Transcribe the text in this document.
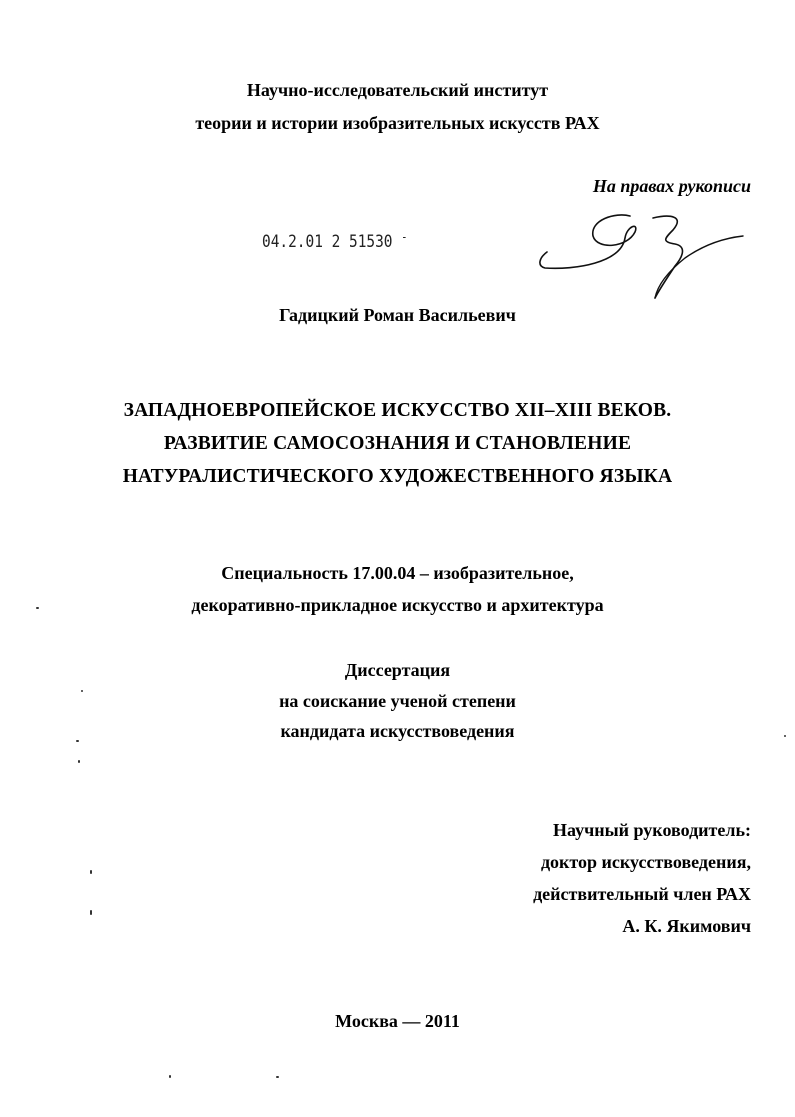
Научно-исследовательский институт
теории и истории изобразительных искусств РАХ
На правах рукописи
04.2.01 2 51530 -
Гадицкий Роман Васильевич
ЗАПАДНОЕВРОПЕЙСКОЕ ИСКУССТВО XII–XIII ВЕКОВ.
РАЗВИТИЕ САМОСОЗНАНИЯ И СТАНОВЛЕНИЕ
НАТУРАЛИСТИЧЕСКОГО ХУДОЖЕСТВЕННОГО ЯЗЫКА
Специальность 17.00.04 – изобразительное,
декоративно-прикладное искусство и архитектура
Диссертация
на соискание ученой степени
кандидата искусствоведения
Научный руководитель:
доктор искусствоведения,
действительный член РАХ
А. К. Якимович
Москва — 2011
